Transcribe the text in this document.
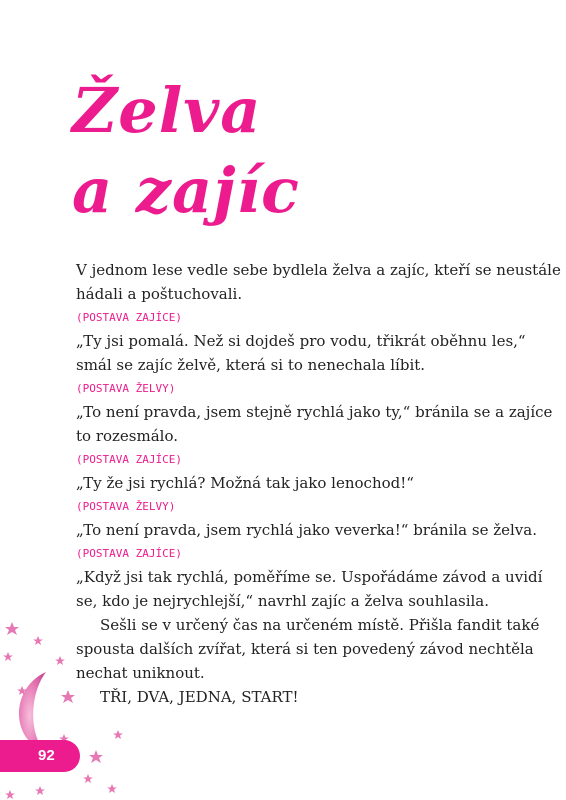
Želva
a zajíc
V jednom lese vedle sebe bydlela želva a zajíc, kteří se neustále
hádali a poštuchovali.
(POSTAVA ZAJÍCE)
„Ty jsi pomalá. Než si dojdeš pro vodu, třikrát oběhnu les,“
smál se zajíc želvě, která si to nenechala líbit.
(POSTAVA ŽELVY)
„To není pravda, jsem stejně rychlá jako ty,“ bránila se a zajíce
to rozesmálo.
(POSTAVA ZAJÍCE)
„Ty že jsi rychlá? Možná tak jako lenochod!“
(POSTAVA ŽELVY)
„To není pravda, jsem rychlá jako veverka!“ bránila se želva.
(POSTAVA ZAJÍCE)
„Když jsi tak rychlá, poměříme se. Uspořádáme závod a uvidí
se, kdo je nejrychlejší,“ navrhl zajíc a želva souhlasila.
Sešli se v určený čas na určeném místě. Přišla fandit také
spousta dalších zvířat, která si ten povedený závod nechtěla
nechat uniknout.
TŘI, DVA, JEDNA, START!
92
